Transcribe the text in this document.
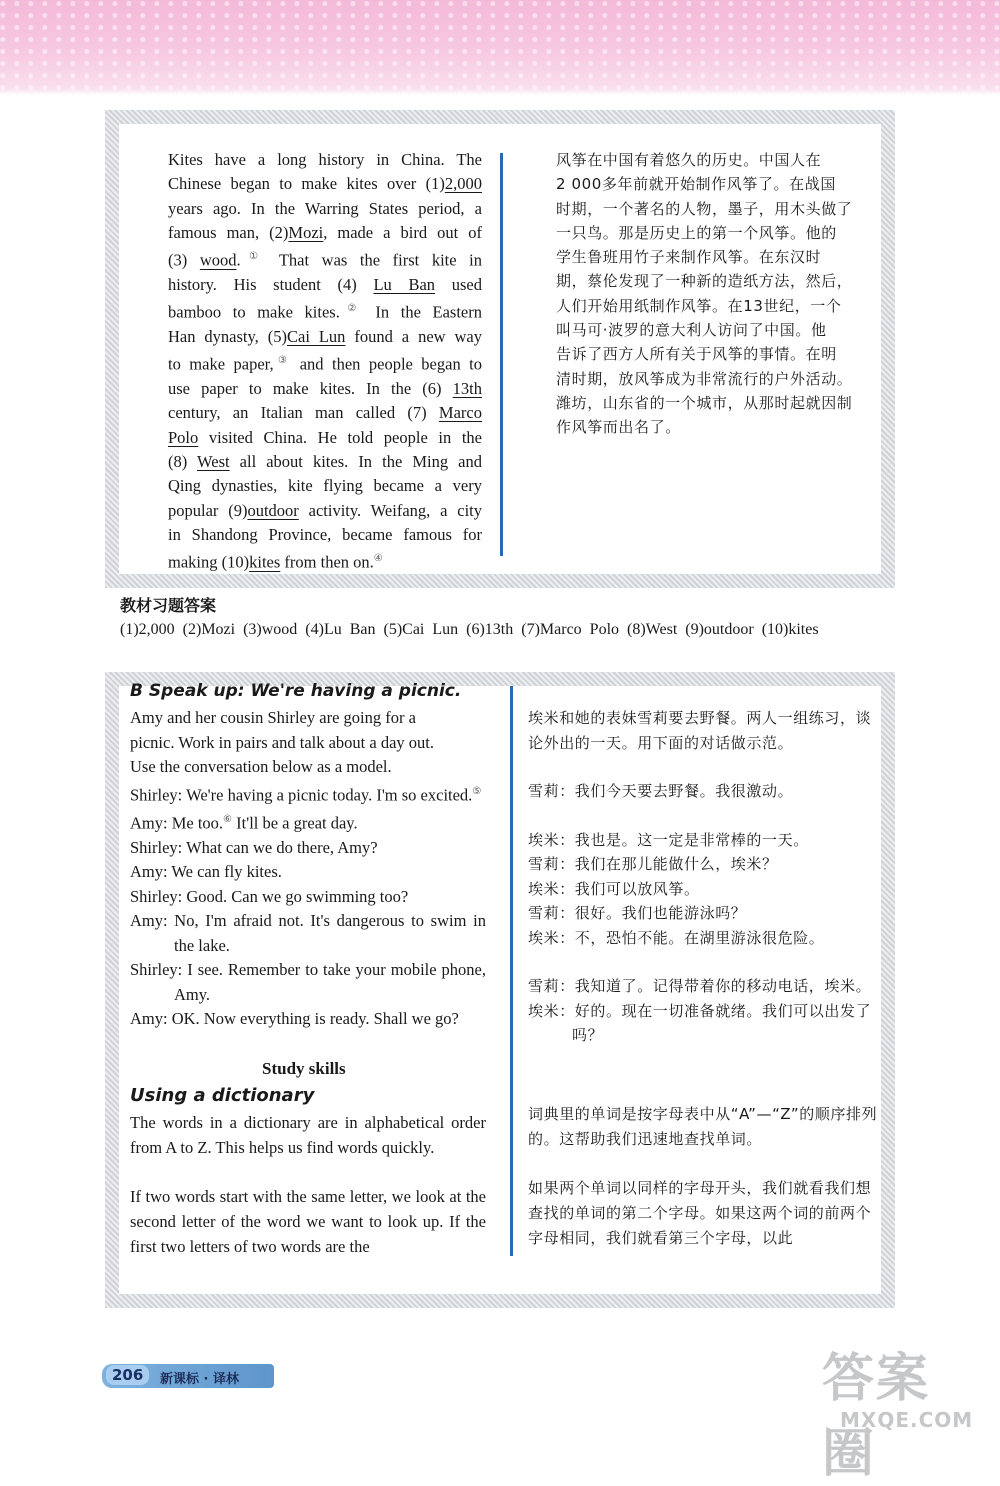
Kites have a long history in China. The
Chinese began to make kites over (1)2,000
years ago. In the Warring States period, a
famous man, (2)Mozi, made a bird out of
(3) wood.① That was the first kite in
history. His student (4) Lu Ban used
bamboo to make kites.② In the Eastern
Han dynasty, (5)Cai Lun found a new way
to make paper,③ and then people began to
use paper to make kites. In the (6) 13th
century, an Italian man called (7) Marco
Polo visited China. He told people in the
(8) West all about kites. In the Ming and
Qing dynasties, kite flying became a very
popular (9)outdoor activity. Weifang, a city
in Shandong Province, became famous for
making (10)kites from then on.④
风筝在中国有着悠久的历史。中国人在
2 000多年前就开始制作风筝了。在战国
时期，一个著名的人物，墨子，用木头做了
一只鸟。那是历史上的第一个风筝。他的
学生鲁班用竹子来制作风筝。在东汉时
期，蔡伦发现了一种新的造纸方法，然后，
人们开始用纸制作风筝。在13世纪，一个
叫马可·波罗的意大利人访问了中国。他
告诉了西方人所有关于风筝的事情。在明
清时期，放风筝成为非常流行的户外活动。
潍坊，山东省的一个城市，从那时起就因制
作风筝而出名了。
教材习题答案
(1)2,000 (2)Mozi (3)wood (4)Lu Ban (5)Cai Lun (6)13th (7)Marco Polo (8)West (9)outdoor (10)kites
B Speak up: We're having a picnic.

Amy and her cousin Shirley are going for a

picnic. Work in pairs and talk about a day out.

Use the conversation below as a model.

Shirley: We're having a picnic today. I'm so excited.⑤

Amy: Me too.⑥ It'll be a great day.

Shirley: What can we do there, Amy?

Amy: We can fly kites.

Shirley: Good. Can we go swimming too?

Amy: No, I'm afraid not. It's dangerous to swim in the lake.

Shirley: I see. Remember to take your mobile phone, Amy.

Amy: OK. Now everything is ready. Shall we go?

Study skills
Using a dictionary
The words in a dictionary are in alphabetical order from A to Z. This helps us find words quickly.
If two words start with the same letter, we look at the second letter of the word we want to look up. If the first two letters of two words are the
埃米和她的表妹雪莉要去野餐。两人一组练习，谈论外出的一天。用下面的对话做示范。
雪莉：我们今天要去野餐。我很激动。
埃米：我也是。这一定是非常棒的一天。
雪莉：我们在那儿能做什么，埃米？
埃米：我们可以放风筝。
雪莉：很好。我们也能游泳吗？
埃米：不，恐怕不能。在湖里游泳很危险。
雪莉：我知道了。记得带着你的移动电话，埃米。
埃米：好的。现在一切准备就绪。我们可以出发了吗？
词典里的单词是按字母表中从“A”—“Z”的顺序排列的。这帮助我们迅速地查找单词。
如果两个单词以同样的字母开头，我们就看我们想查找的单词的第二个字母。如果这两个词的前两个字母相同，我们就看第三个字母，以此
206	新课标 · 译林	答案圈
MXQE.COM
